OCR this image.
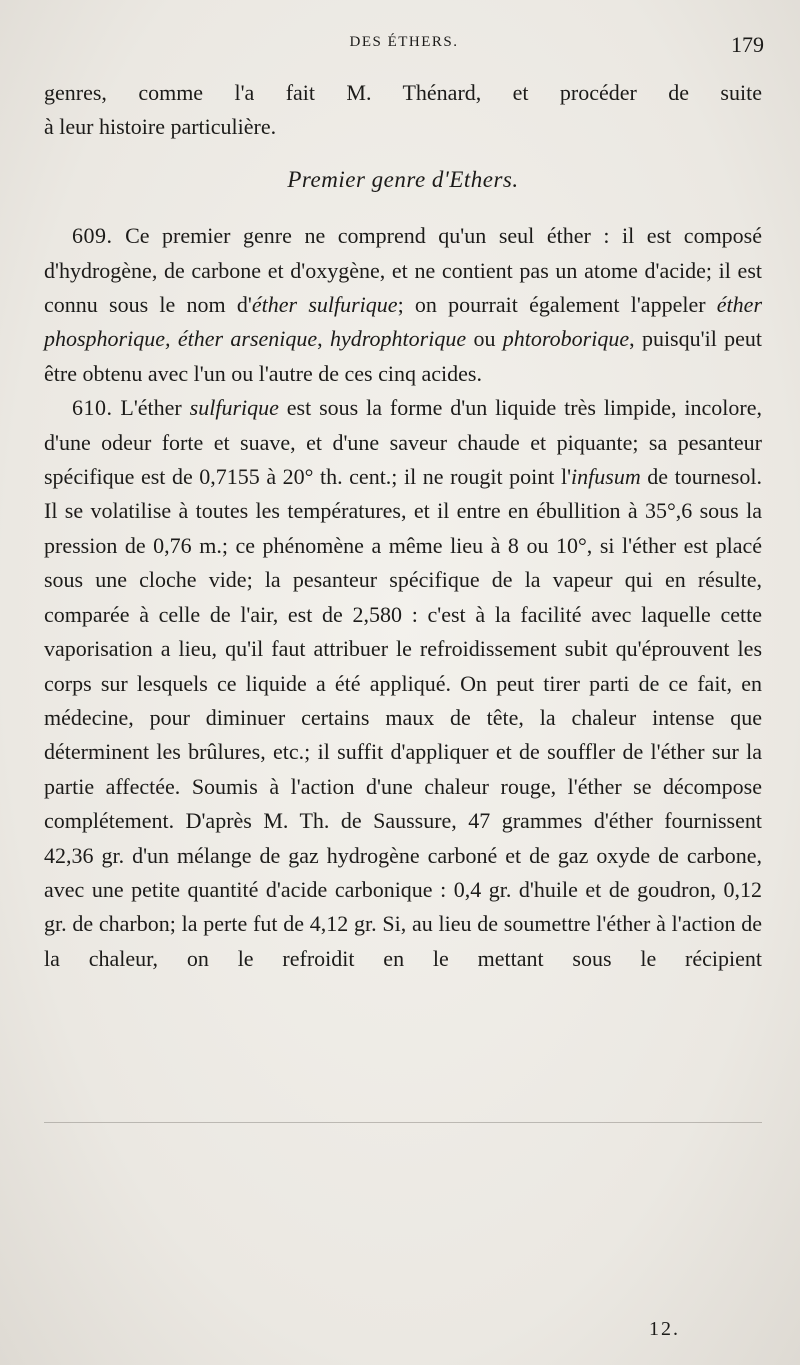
DES ÉTHERS.	179

genres, comme l'a fait M. Thénard, et procéder de suite

à leur histoire particulière.

Premier genre d'Ethers.

609. Ce premier genre ne comprend qu'un seul éther : il est composé d'hydrogène, de carbone et d'oxygène, et ne contient pas un atome d'acide; il est connu sous le nom d'éther sulfurique; on pourrait également l'appeler éther phosphorique, éther arsenique, hydrophtorique ou phtoroborique, puisqu'il peut être obtenu avec l'un ou l'autre de ces cinq acides.

610. L'éther sulfurique est sous la forme d'un liquide très limpide, incolore, d'une odeur forte et suave, et d'une saveur chaude et piquante; sa pesanteur spécifique est de 0,7155 à 20° th. cent.; il ne rougit point l'infusum de tournesol. Il se volatilise à toutes les températures, et il entre en ébullition à 35°,6 sous la pression de 0,76 m.; ce phénomène a même lieu à 8 ou 10°, si l'éther est placé sous une cloche vide; la pesanteur spécifique de la vapeur qui en résulte, comparée à celle de l'air, est de 2,580 : c'est à la facilité avec laquelle cette vaporisation a lieu, qu'il faut attribuer le refroidissement subit qu'éprouvent les corps sur lesquels ce liquide a été appliqué. On peut tirer parti de ce fait, en médecine, pour diminuer certains maux de tête, la chaleur intense que déterminent les brûlures, etc.; il suffit d'appliquer et de souffler de l'éther sur la partie affectée. Soumis à l'action d'une chaleur rouge, l'éther se décompose complétement. D'après M. Th. de Saussure, 47 grammes d'éther fournissent 42,36 gr. d'un mélange de gaz hydrogène carboné et de gaz oxyde de carbone, avec une petite quantité d'acide carbonique : 0,4 gr. d'huile et de goudron, 0,12 gr. de charbon; la perte fut de 4,12 gr. Si, au lieu de soumettre l'éther à l'action de la chaleur, on le refroidit en le mettant sous le récipient

12.
